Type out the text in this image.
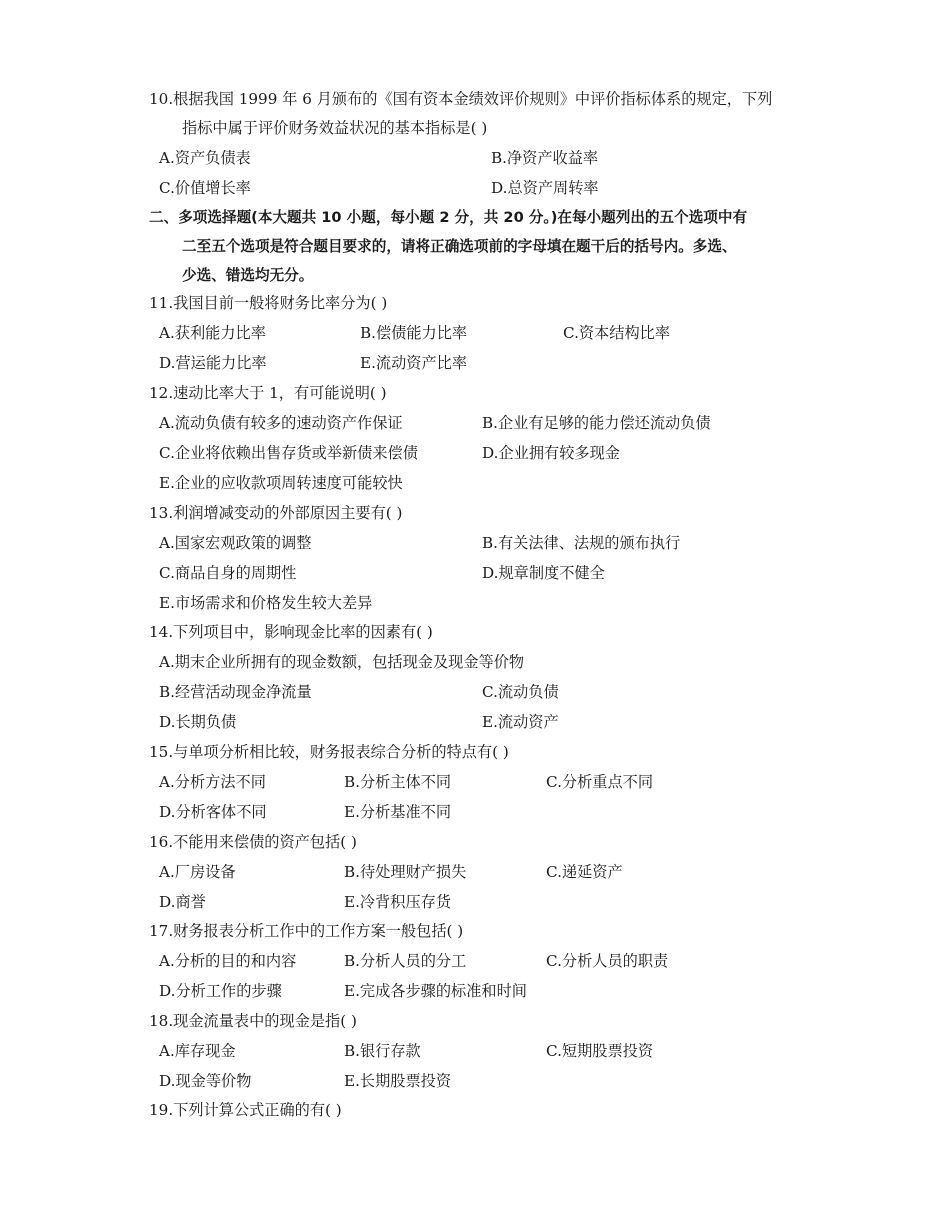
10.根据我国 1999 年 6 月颁布的《国有资本金绩效评价规则》中评价指标体系的规定，下列
指标中属于评价财务效益状况的基本指标是( )
A.资产负债表	B.净资产收益率
C.价值增长率	D.总资产周转率
二、多项选择题(本大题共 10 小题，每小题 2 分，共 20 分。)在每小题列出的五个选项中有
二至五个选项是符合题目要求的，请将正确选项前的字母填在题干后的括号内。多选、
少选、错选均无分。
11.我国目前一般将财务比率分为( )
A.获利能力比率	B.偿债能力比率	C.资本结构比率
D.营运能力比率	E.流动资产比率
12.速动比率大于 1，有可能说明( )
A.流动负债有较多的速动资产作保证	B.企业有足够的能力偿还流动负债
C.企业将依赖出售存货或举新债来偿债	D.企业拥有较多现金
E.企业的应收款项周转速度可能较快
13.利润增减变动的外部原因主要有( )
A.国家宏观政策的调整	B.有关法律、法规的颁布执行
C.商品自身的周期性	D.规章制度不健全
E.市场需求和价格发生较大差异
14.下列项目中，影响现金比率的因素有( )
A.期末企业所拥有的现金数额，包括现金及现金等价物
B.经营活动现金净流量	C.流动负债
D.长期负债	E.流动资产
15.与单项分析相比较，财务报表综合分析的特点有( )
A.分析方法不同	B.分析主体不同	C.分析重点不同
D.分析客体不同	E.分析基准不同
16.不能用来偿债的资产包括( )
A.厂房设备	B.待处理财产损失	C.递延资产
D.商誉	E.冷背积压存货
17.财务报表分析工作中的工作方案一般包括( )
A.分析的目的和内容	B.分析人员的分工	C.分析人员的职责
D.分析工作的步骤	E.完成各步骤的标准和时间
18.现金流量表中的现金是指( )
A.库存现金	B.银行存款	C.短期股票投资
D.现金等价物	E.长期股票投资
19.下列计算公式正确的有( )
